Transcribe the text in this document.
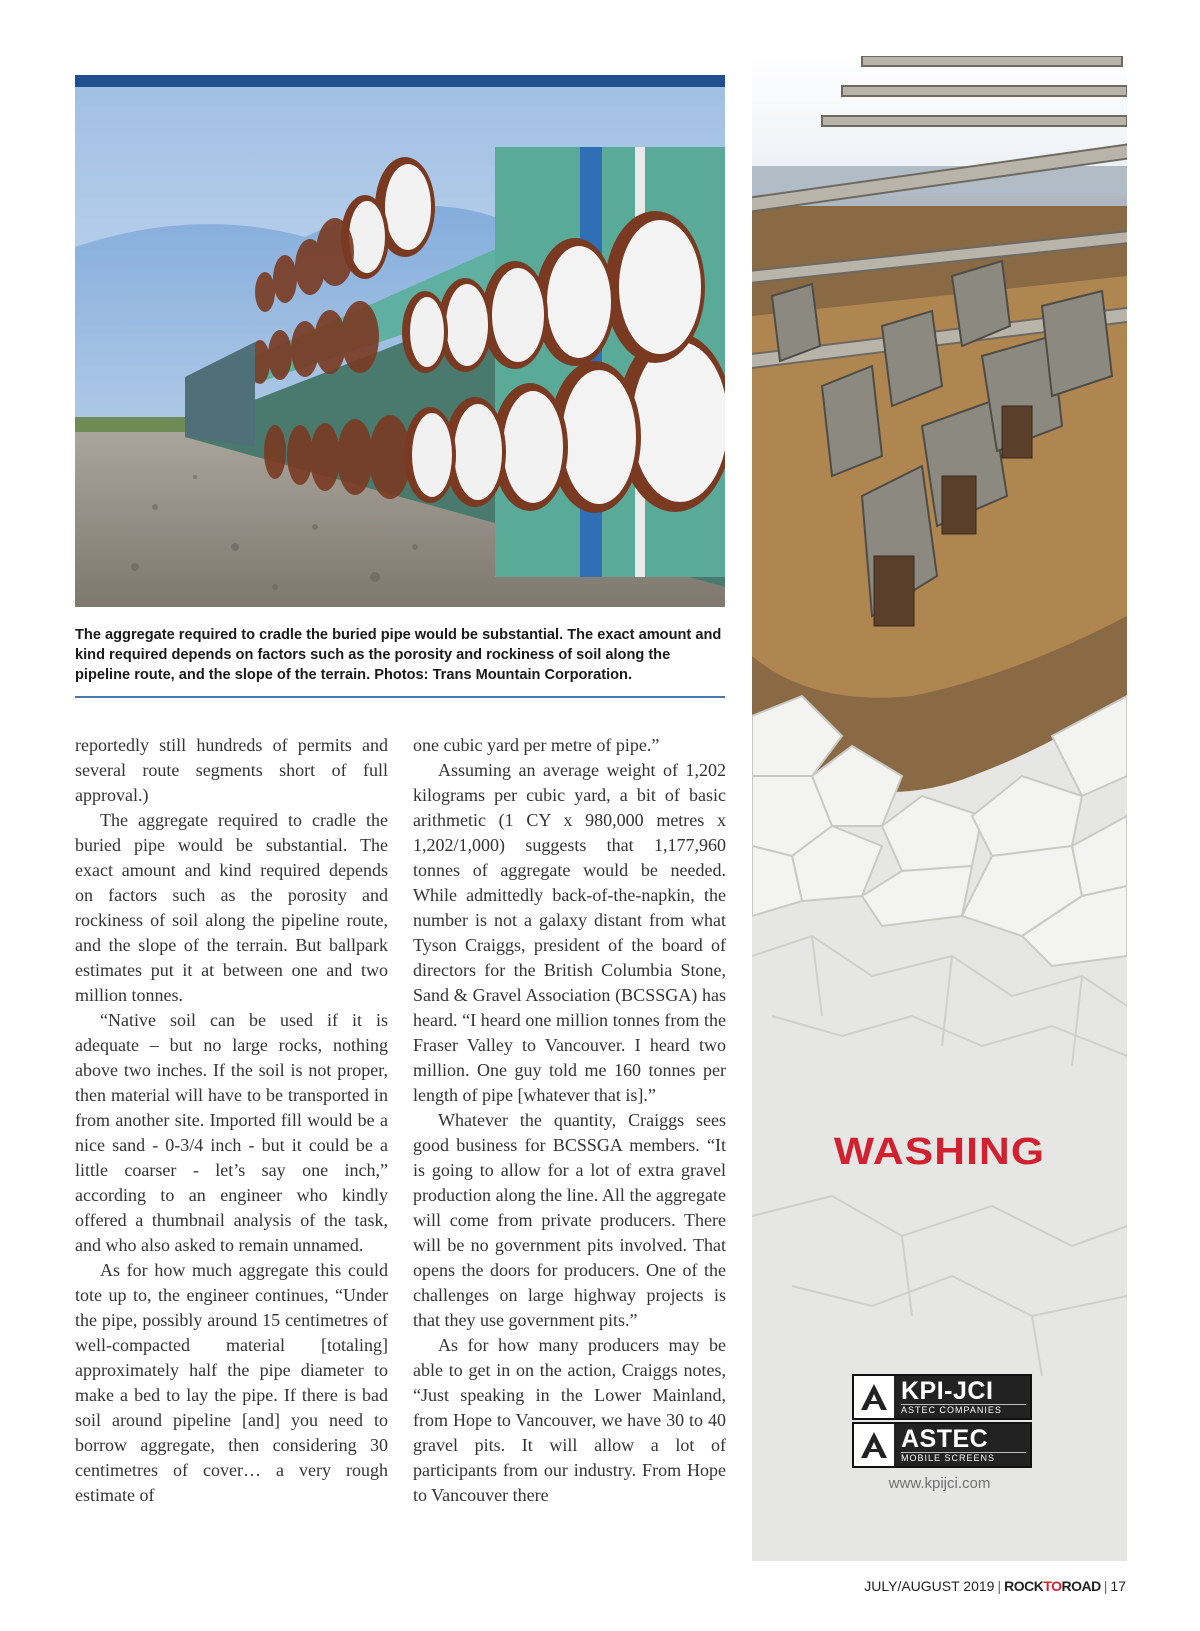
The aggregate required to cradle the buried pipe would be substantial. The exact amount and kind required depends on factors such as the porosity and rockiness of soil along the pipeline route, and the slope of the terrain. Photos: Trans Mountain Corporation.

reportedly still hundreds of permits and several route segments short of full approval.)

The aggregate required to cradle the buried pipe would be substantial. The exact amount and kind required depends on factors such as the porosity and rockiness of soil along the pipeline route, and the slope of the terrain. But ballpark estimates put it at between one and two million tonnes.

“Native soil can be used if it is adequate – but no large rocks, nothing above two inches. If the soil is not proper, then material will have to be transported in from another site. Imported fill would be a nice sand - 0-3/4 inch - but it could be a little coarser - let’s say one inch,” according to an engineer who kindly offered a thumbnail analysis of the task, and who also asked to remain unnamed.

As for how much aggregate this could tote up to, the engineer continues, “Under the pipe, possibly around 15 centimetres of well-compacted material [totaling] approximately half the pipe diameter to make a bed to lay the pipe. If there is bad soil around pipeline [and] you need to borrow aggregate, then considering 30 centimetres of cover… a very rough estimate of

one cubic yard per metre of pipe.”

Assuming an average weight of 1,202 kilograms per cubic yard, a bit of basic arithmetic (1 CY x 980,000 metres x 1,202/1,000) suggests that 1,177,960 tonnes of aggregate would be needed. While admittedly back-of-the-napkin, the number is not a galaxy distant from what Tyson Craiggs, president of the board of directors for the British Columbia Stone, Sand & Gravel Association (BCSSGA) has heard. “I heard one million tonnes from the Fraser Valley to Vancouver. I heard two million. One guy told me 160 tonnes per length of pipe [whatever that is].”

Whatever the quantity, Craiggs sees good business for BCSSGA members. “It is going to allow for a lot of extra gravel production along the line. All the aggregate will come from private producers. There will be no government pits involved. That opens the doors for producers. One of the challenges on large highway projects is that they use government pits.”

As for how many producers may be able to get in on the action, Craiggs notes, “Just speaking in the Lower Mainland, from Hope to Vancouver, we have 30 to 40 gravel pits. It will allow a lot of participants from our industry. From Hope to Vancouver there

WASHING
KPI-JCI
ASTEC COMPANIES
ASTEC
MOBILE SCREENS
www.kpijci.com
JULY/AUGUST 2019 | ROCKTOROAD | 17
